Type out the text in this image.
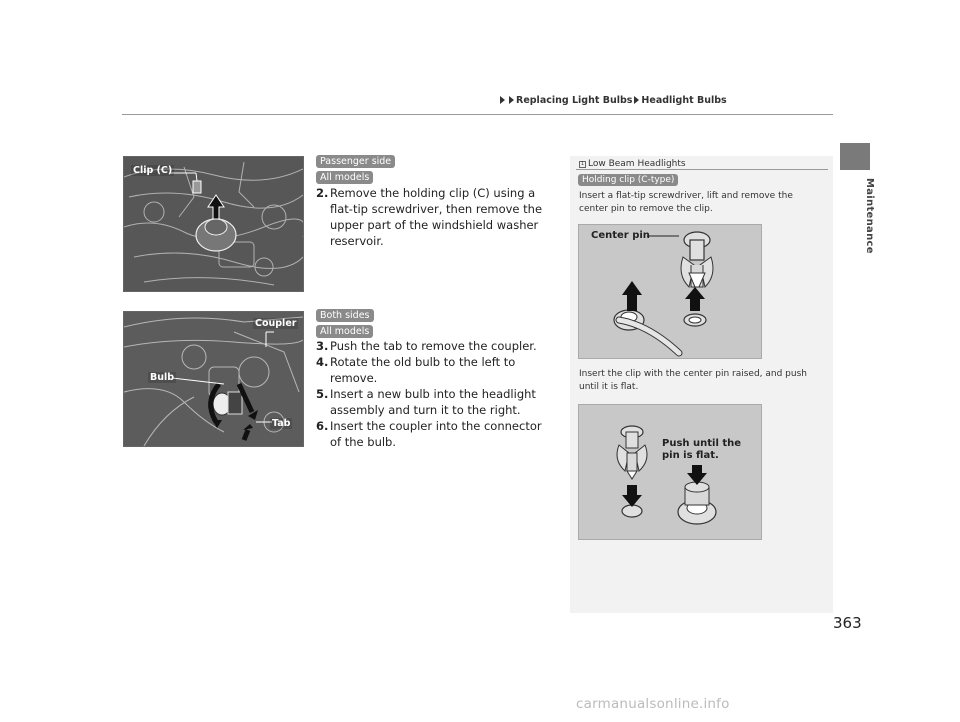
Replacing Light Bulbs Headlight Bulbs
Maintenance
Clip (C)
Passenger side
All models
2. Remove the holding clip (C) using a flat-tip screwdriver, then remove the upper part of the windshield washer reservoir.
Coupler
Bulb
Tab
Both sides
All models
3. Push the tab to remove the coupler.
4. Rotate the old bulb to the left to remove.
5. Insert a new bulb into the headlight assembly and turn it to the right.
6. Insert the coupler into the connector of the bulb.
1 Low Beam Headlights
Holding clip (C-type)
Insert a flat-tip screwdriver, lift and remove the center pin to remove the clip.
Center pin
Insert the clip with the center pin raised, and push until it is flat.
Push until the
pin is flat.
363
carmanualsonline.info
